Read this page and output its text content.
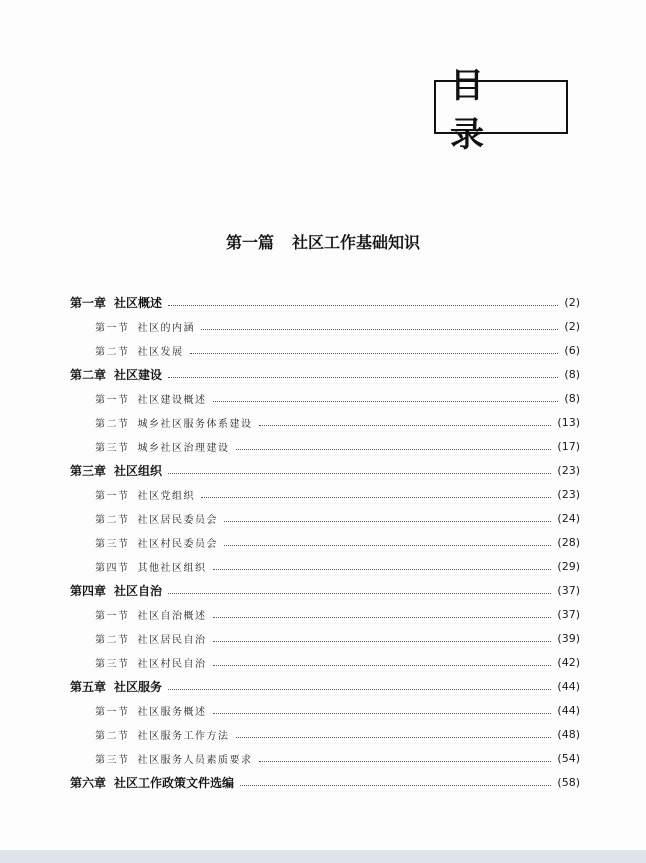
目 录
第一篇 社区工作基础知识
第一章 社区概述	(2)
第一节 社区的内涵	(2)
第二节 社区发展	(6)
第二章 社区建设	(8)
第一节 社区建设概述	(8)
第二节 城乡社区服务体系建设	(13)
第三节 城乡社区治理建设	(17)
第三章 社区组织	(23)
第一节 社区党组织	(23)
第二节 社区居民委员会	(24)
第三节 社区村民委员会	(28)
第四节 其他社区组织	(29)
第四章 社区自治	(37)
第一节 社区自治概述	(37)
第二节 社区居民自治	(39)
第三节 社区村民自治	(42)
第五章 社区服务	(44)
第一节 社区服务概述	(44)
第二节 社区服务工作方法	(48)
第三节 社区服务人员素质要求	(54)
第六章 社区工作政策文件选编	(58)
